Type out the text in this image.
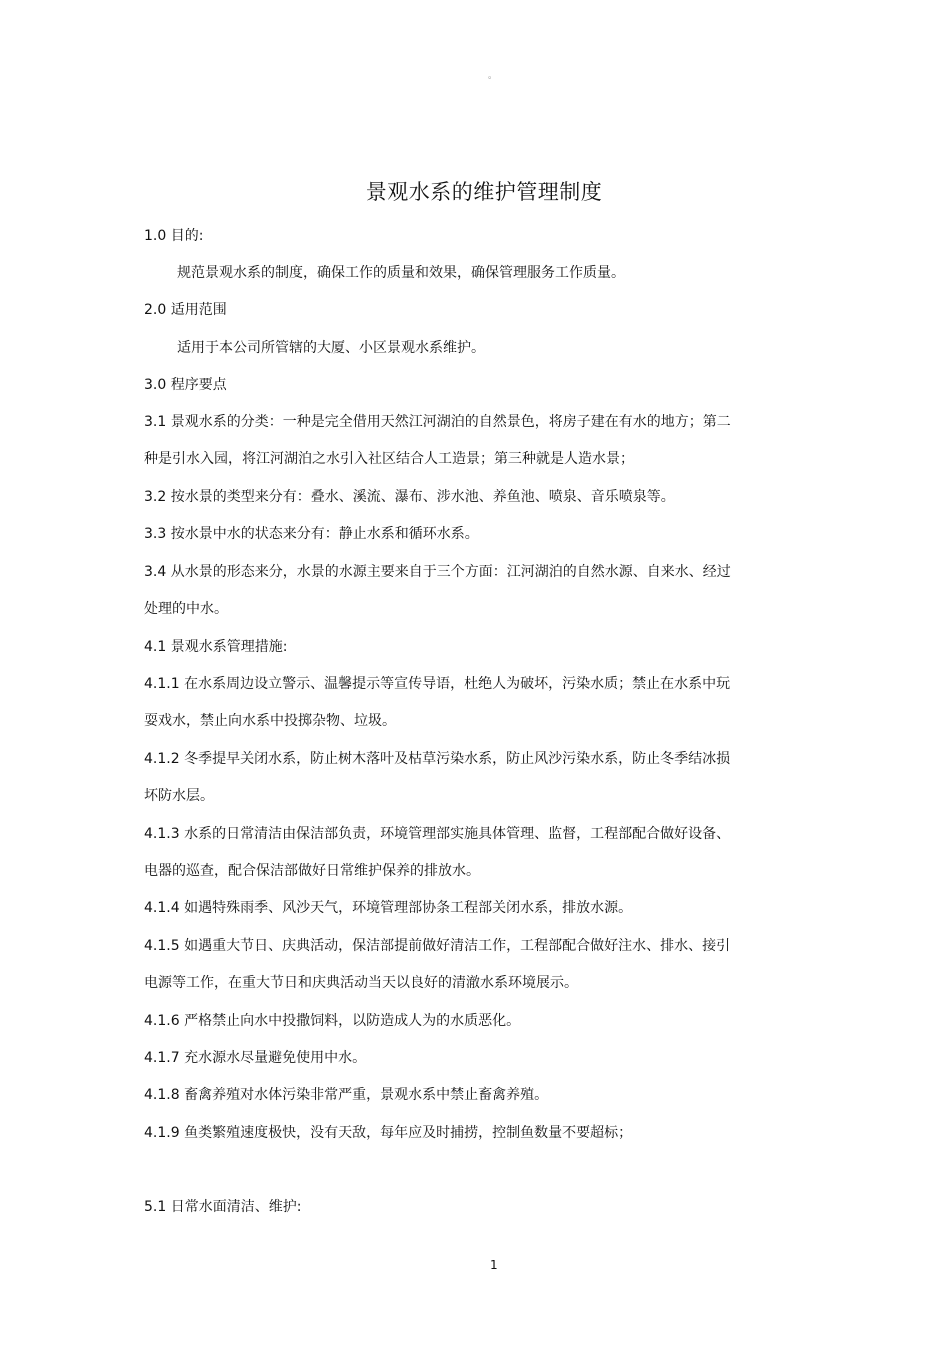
。
景观水系的维护管理制度
1.0 目的:
规范景观水系的制度，确保工作的质量和效果，确保管理服务工作质量。
2.0 适用范围
适用于本公司所管辖的大厦、小区景观水系维护。
3.0 程序要点
3.1 景观水系的分类：一种是完全借用天然江河湖泊的自然景色，将房子建在有水的地方；第二
种是引水入园，将江河湖泊之水引入社区结合人工造景；第三种就是人造水景；
3.2 按水景的类型来分有：叠水、溪流、瀑布、涉水池、养鱼池、喷泉、音乐喷泉等。
3.3 按水景中水的状态来分有：静止水系和循环水系。
3.4 从水景的形态来分，水景的水源主要来自于三个方面：江河湖泊的自然水源、自来水、经过
处理的中水。
4.1 景观水系管理措施:
4.1.1 在水系周边设立警示、温馨提示等宣传导语，杜绝人为破坏，污染水质；禁止在水系中玩
耍戏水，禁止向水系中投掷杂物、垃圾。
4.1.2 冬季提早关闭水系，防止树木落叶及枯草污染水系，防止风沙污染水系，防止冬季结冰损
坏防水层。
4.1.3 水系的日常清洁由保洁部负责，环境管理部实施具体管理、监督，工程部配合做好设备、
电器的巡查，配合保洁部做好日常维护保养的排放水。
4.1.4 如遇特殊雨季、风沙天气，环境管理部协条工程部关闭水系，排放水源。
4.1.5 如遇重大节日、庆典活动，保洁部提前做好清洁工作，工程部配合做好注水、排水、接引
电源等工作，在重大节日和庆典活动当天以良好的清澈水系环境展示。
4.1.6 严格禁止向水中投撒饲料，以防造成人为的水质恶化。
4.1.7 充水源水尽量避免使用中水。
4.1.8 畜禽养殖对水体污染非常严重，景观水系中禁止畜禽养殖。
4.1.9 鱼类繁殖速度极快，没有天敌，每年应及时捕捞，控制鱼数量不要超标；
5.1 日常水面清洁、维护:
1
